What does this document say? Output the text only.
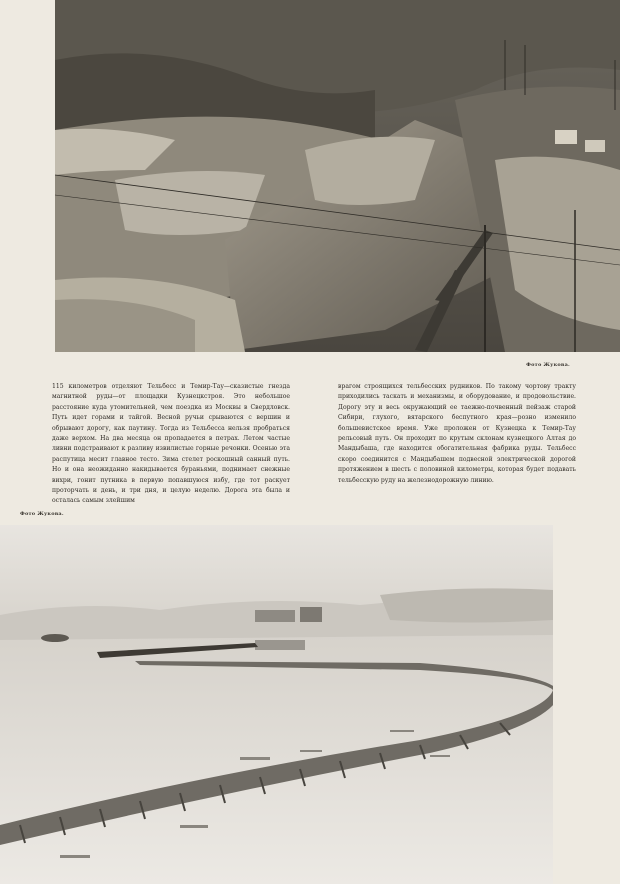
Фото Жукова.

115 километров отделяют Тельбесс и Темир-Тау—сказистые гнезда магнитной руды—от площадки Кузнецкстроя. Это небольшое расстояние куда утомительней, чем поездка из Москвы в Свердловск. Путь идет горами и тайгой. Весной ручьи срываются с вершин и обрывают дорогу, как паутину. Тогда из Тельбесса нельзя пробраться даже верхом. На два месяца он пропадается в петрах. Летом частые ливни подстраивают к разливу извилистые горные речонки. Осенью эта распутица месит главное тесто. Зима стелет роскошный санный путь. Но и она неожиданно накидывается бураньями, поднимает снежные вихри, гонит путника в первую попавшуюся избу, где тот раскует проторчать и день, и три дня, и целую неделю. Дорога эта была и осталась самым злейшим

врагом строящихся тельбесских рудников. По такому чортову тракту приходились таскать и механизмы, и оборудование, и продовольствие. Дорогу эту и весь окружающий ее таежно-почвенный пейзаж старой Сибири, глухого, вятарского беспутного края—розно изменило большевистское время. Уже проложен от Кузнецка к Темир-Тау рельсовый путь. Он проходит по крутым склонам кузнецкого Алтая до Мандыбаша, где находится обогатительная фабрика руды. Тельбесс скоро соединится с Мандыбашем подвесной электрической дорогой протяжением в шесть с половиной километры, которая будет подавать тельбесскую руду на железнодорожную линию.

Фото Жукова.
